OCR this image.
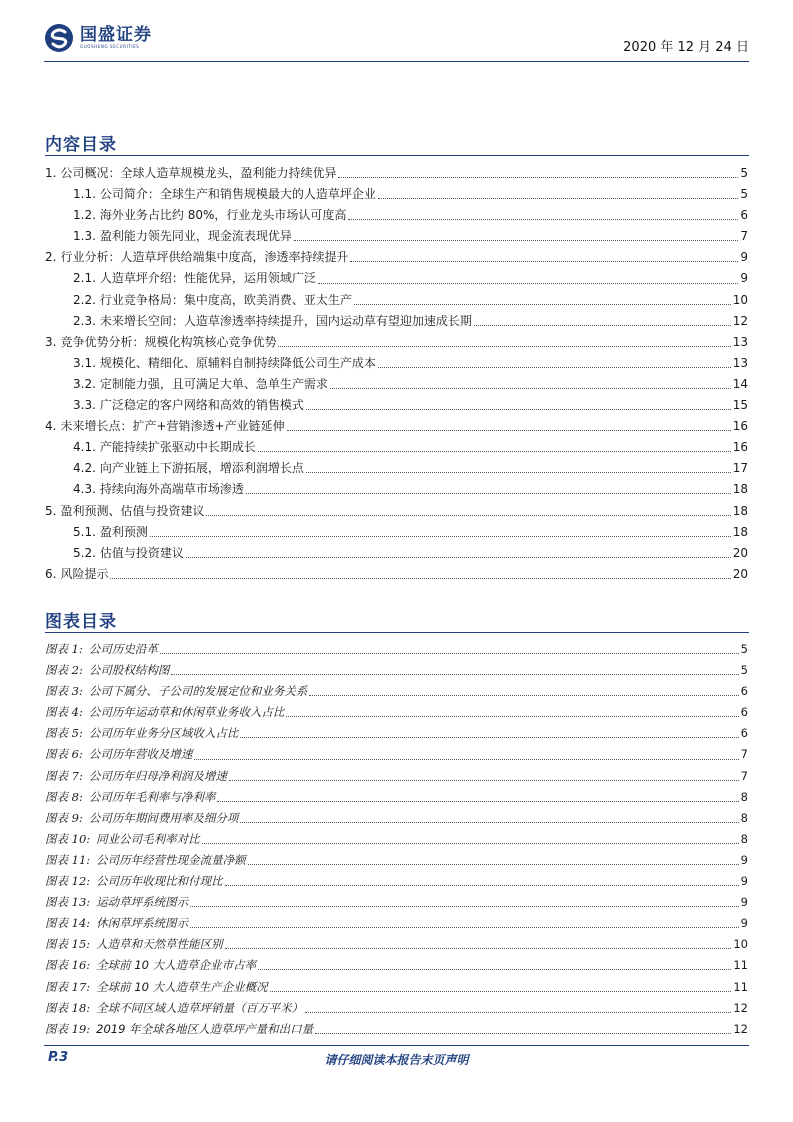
国盛证券
GUOSHENG SECURITIES	2020 年 12 月 24 日
内容目录
1. 公司概况：全球人造草规模龙头，盈利能力持续优异	5
1.1. 公司简介：全球生产和销售规模最大的人造草坪企业	5
1.2. 海外业务占比约 80%，行业龙头市场认可度高	6
1.3. 盈利能力领先同业，现金流表现优异	7
2. 行业分析：人造草坪供给端集中度高，渗透率持续提升	9
2.1. 人造草坪介绍：性能优异，运用领域广泛	9
2.2. 行业竞争格局：集中度高，欧美消费、亚太生产	10
2.3. 未来增长空间：人造草渗透率持续提升，国内运动草有望迎加速成长期	12
3. 竞争优势分析：规模化构筑核心竞争优势	13
3.1. 规模化、精细化、原辅料自制持续降低公司生产成本	13
3.2. 定制能力强，且可满足大单、急单生产需求	14
3.3. 广泛稳定的客户网络和高效的销售模式	15
4. 未来增长点：扩产+营销渗透+产业链延伸	16
4.1. 产能持续扩张驱动中长期成长	16
4.2. 向产业链上下游拓展，增添利润增长点	17
4.3. 持续向海外高端草市场渗透	18
5. 盈利预测、估值与投资建议	18
5.1. 盈利预测	18
5.2. 估值与投资建议	20
6. 风险提示	20
图表目录
图表 1: 公司历史沿革	5
图表 2: 公司股权结构图	5
图表 3: 公司下属分、子公司的发展定位和业务关系	6
图表 4: 公司历年运动草和休闲草业务收入占比	6
图表 5: 公司历年业务分区域收入占比	6
图表 6: 公司历年营收及增速	7
图表 7: 公司历年归母净利润及增速	7
图表 8: 公司历年毛利率与净利率	8
图表 9: 公司历年期间费用率及细分项	8
图表 10: 同业公司毛利率对比	8
图表 11: 公司历年经营性现金流量净额	9
图表 12: 公司历年收现比和付现比	9
图表 13: 运动草坪系统图示	9
图表 14: 休闲草坪系统图示	9
图表 15: 人造草和天然草性能区别	10
图表 16: 全球前 10 大人造草企业市占率	11
图表 17: 全球前 10 大人造草生产企业概况	11
图表 18: 全球不同区域人造草坪销量（百万平米）	12
图表 19: 2019 年全球各地区人造草坪产量和出口量	12
P.3	请仔细阅读本报告末页声明
